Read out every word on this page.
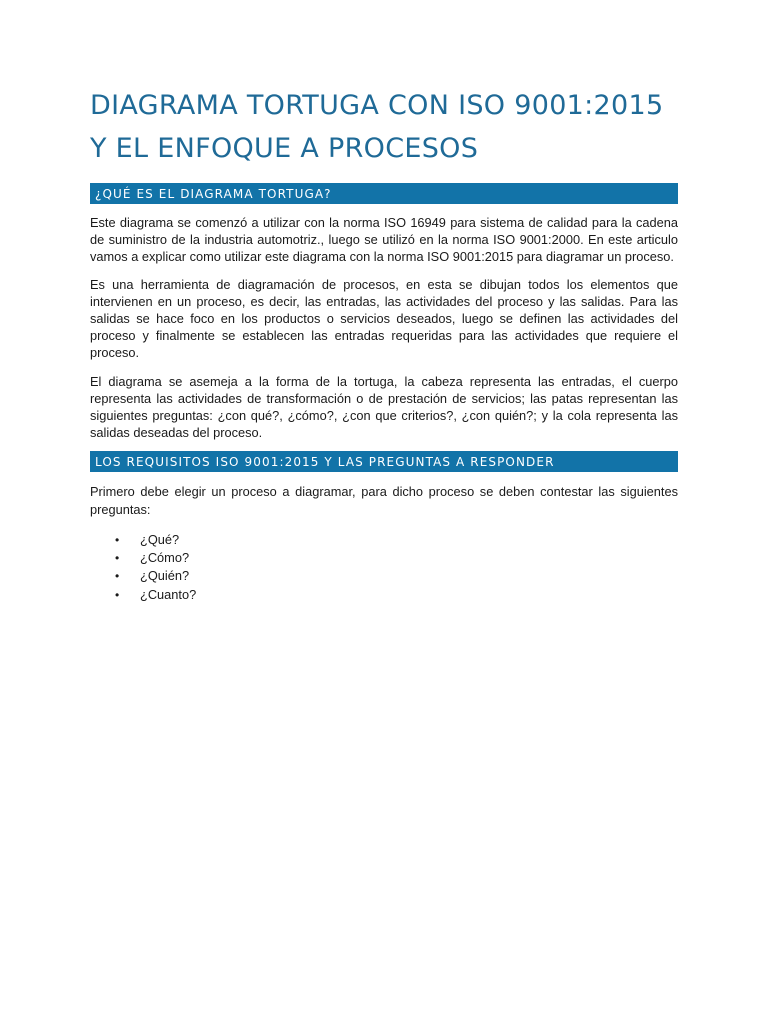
DIAGRAMA TORTUGA CON ISO 9001:2015 Y EL ENFOQUE A PROCESOS
¿QUÉ ES EL DIAGRAMA TORTUGA?

Este diagrama se comenzó a utilizar con la norma ISO 16949 para sistema de calidad para la cadena de suministro de la industria automotriz., luego se utilizó en la norma ISO 9001:2000. En este articulo vamos a explicar como utilizar este diagrama con la norma ISO 9001:2015 para diagramar un proceso.

Es una herramienta de diagramación de procesos, en esta se dibujan todos los elementos que intervienen en un proceso, es decir, las entradas, las actividades del proceso y las salidas. Para las salidas se hace foco en los productos o servicios deseados, luego se definen las actividades del proceso y finalmente se establecen las entradas requeridas para las actividades que requiere el proceso.

El diagrama se asemeja a la forma de la tortuga, la cabeza representa las entradas, el cuerpo representa las actividades de transformación o de prestación de servicios; las patas representan las siguientes preguntas: ¿con qué?, ¿cómo?, ¿con que criterios?, ¿con quién?; y la cola representa las salidas deseadas del proceso.

LOS REQUISITOS ISO 9001:2015 Y LAS PREGUNTAS A RESPONDER

Primero debe elegir un proceso a diagramar, para dicho proceso se deben contestar las siguientes preguntas:

• ¿Qué?
• ¿Cómo?
• ¿Quién?
• ¿Cuanto?
